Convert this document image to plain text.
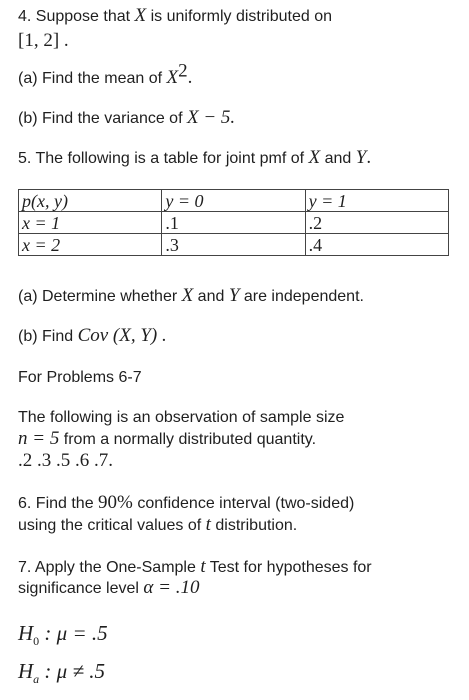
4. Suppose that X is uniformly distributed on
[1, 2] .
(a) Find the mean of $X^2$.
(b) Find the variance of X − 5.
5. The following is a table for joint pmf of X and Y.
p(x, y)	y = 0	y = 1
x = 1	.1	.2
x = 2	.3	.4
(a) Determine whether X and Y are independent.
(b) Find Cov (X, Y) .
For Problems 6-7
The following is an observation of sample size
n = 5 from a normally distributed quantity.
.2 .3 .5 .6 .7.
6. Find the 90% confidence interval (two-sided)
using the critical values of t distribution.
7. Apply the One-Sample t Test for hypotheses for
significance level α = .10
$H_0$ : μ = .5
$H_a$ : μ ≠ .5
